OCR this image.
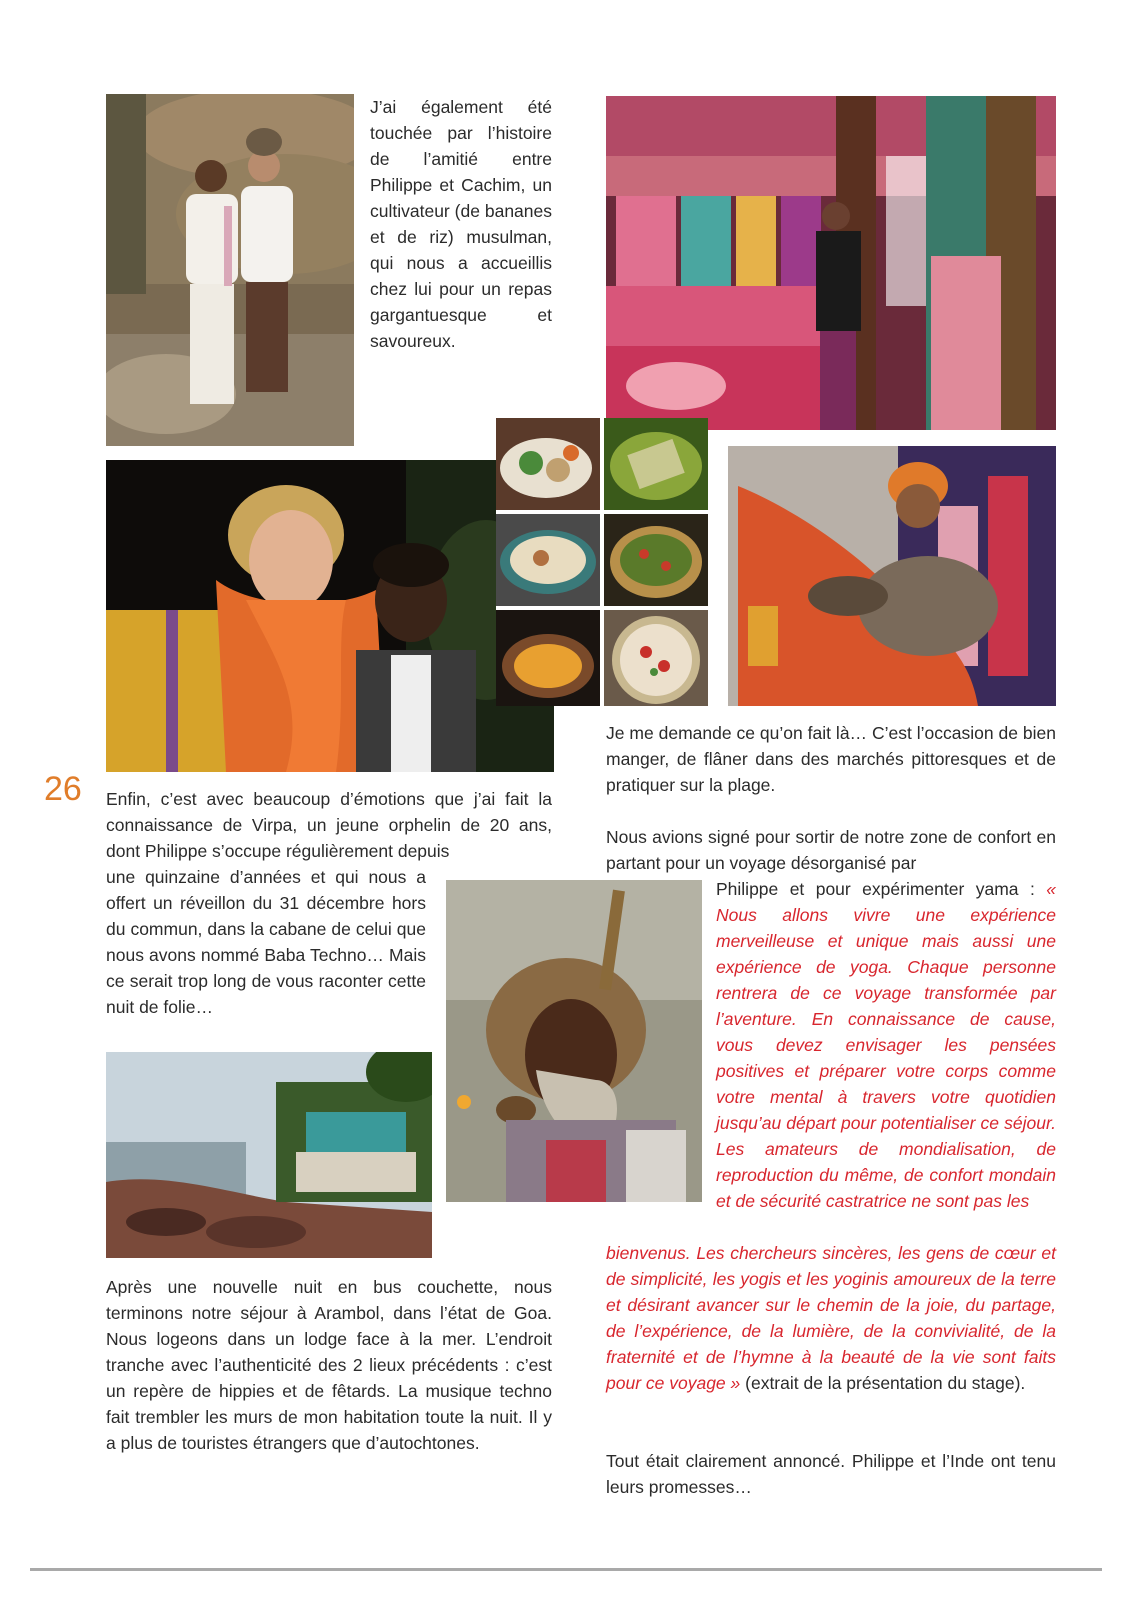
J’ai également été touchée par l’histoire de l’amitié entre Philippe et Cachim, un cultivateur (de bananes et de riz) musulman, qui nous a accueillis chez lui pour un repas gargantuesque et savoureux.

26 Enfin, c’est avec beaucoup d’émotions que j’ai fait la connaissance de Virpa, un jeune orphelin de 20 ans, dont Philippe s’occupe régulièrement depuis

une quinzaine d’années et qui nous a offert un réveillon du 31 décembre hors du commun, dans la cabane de celui que nous avons nommé Baba Techno… Mais ce serait trop long de vous raconter cette nuit de folie…

Je me demande ce qu’on fait là… C’est l’occasion de bien manger, de flâner dans des marchés pittoresques et de pratiquer sur la plage.

Nous avions signé pour sortir de notre zone de confort en partant pour un voyage désorganisé par

Philippe et pour expérimenter yama : « Nous allons vivre une expérience merveilleuse et unique mais aussi une expérience de yoga. Chaque personne rentrera de ce voyage transformée par l’aventure. En connaissance de cause, vous devez envisager les pensées positives et préparer votre corps comme votre mental à travers votre quotidien jusqu’au départ pour potentialiser ce séjour. Les amateurs de mondialisation, de reproduction du même, de confort mondain et de sécurité castratrice ne sont pas les
bienvenus. Les chercheurs sincères, les gens de cœur et de simplicité, les yogis et les yoginis amoureux de la terre et désirant avancer sur le chemin de la joie, du partage, de l’expérience, de la lumière, de la convivialité, de la fraternité et de l’hymne à la beauté de la vie sont faits pour ce voyage » (extrait de la présentation du stage).

Tout était clairement annoncé. Philippe et l’Inde ont tenu leurs promesses…

Après une nouvelle nuit en bus couchette, nous terminons notre séjour à Arambol, dans l’état de Goa. Nous logeons dans un lodge face à la mer. L’endroit tranche avec l’authenticité des 2 lieux précédents : c’est un repère de hippies et de fêtards. La musique techno fait trembler les murs de mon habitation toute la nuit. Il y a plus de touristes étrangers que d’autochtones.
